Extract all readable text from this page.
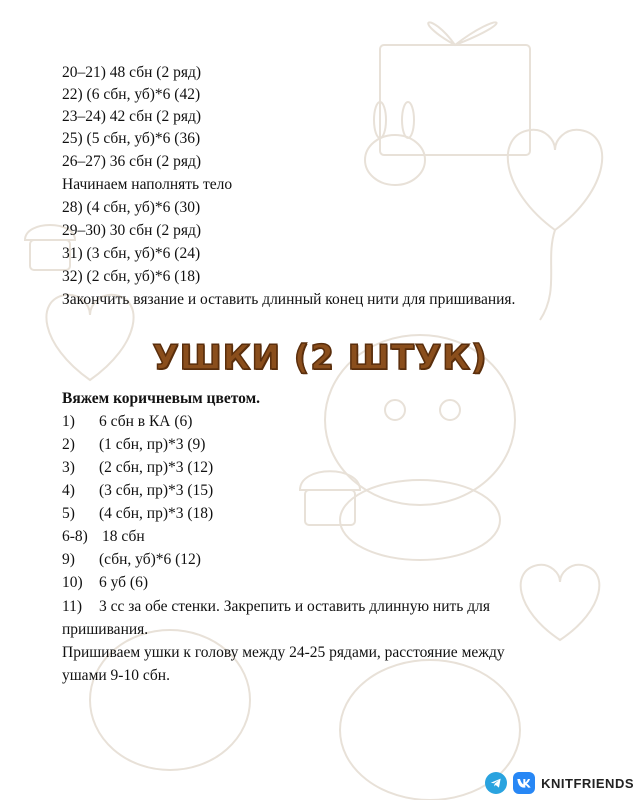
20–21) 48 сбн (2 ряд)
22) (6 сбн, уб)*6 (42)
23–24) 42 сбн (2 ряд)
25) (5 сбн, уб)*6 (36)
26–27) 36 сбн (2 ряд)
Начинаем наполнять тело
28) (4 сбн, уб)*6 (30)
29–30) 30 сбн (2 ряд)
31) (3 сбн, уб)*6 (24)
32) (2 сбн, уб)*6 (18)
Закончить вязание и оставить длинный конец нити для пришивания.
УШКИ (2 ШТУК)
Вяжем коричневым цветом.
1) 6 сбн в КА (6)
2) (1 сбн, пр)*3 (9)
3) (2 сбн, пр)*3 (12)
4) (3 сбн, пр)*3 (15)
5) (4 сбн, пр)*3 (18)
6-8) 18 сбн
9) (сбн, уб)*6 (12)
10) 6 уб (6)
11) 3 сс за обе стенки. Закрепить и оставить длинную нить для
пришивания.
Пришиваем ушки к голову между 24-25 рядами, расстояние между
ушами 9-10 сбн.
KNITFRIENDS
